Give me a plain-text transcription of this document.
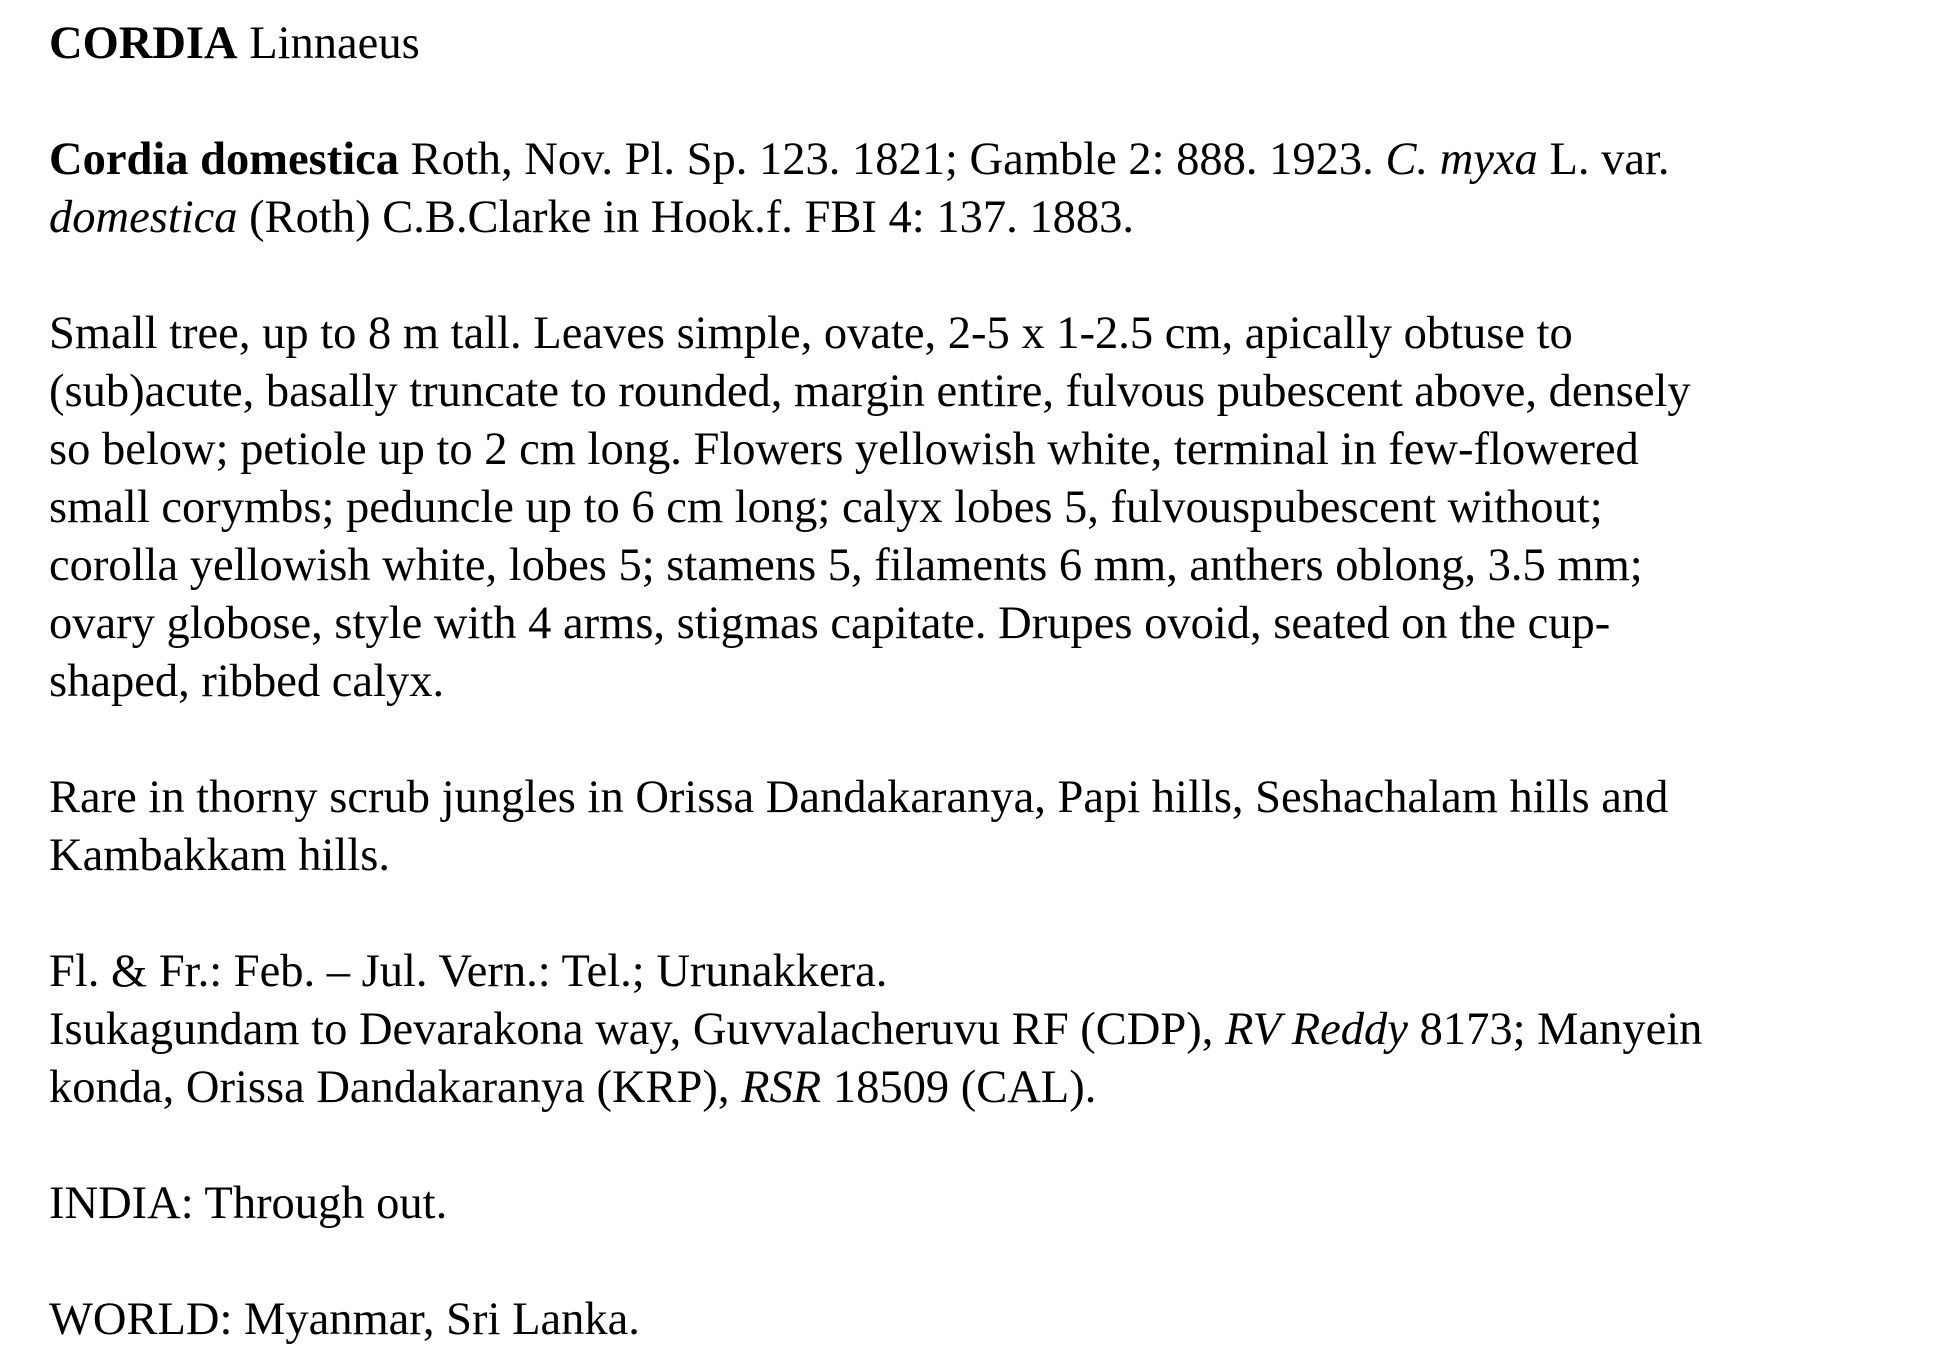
CORDIA Linnaeus

Cordia domestica Roth, Nov. Pl. Sp. 123. 1821; Gamble 2: 888. 1923. C. myxa L. var.
domestica (Roth) C.B.Clarke in Hook.f. FBI 4: 137. 1883.

Small tree, up to 8 m tall. Leaves simple, ovate, 2-5 x 1-2.5 cm, apically obtuse to
(sub)acute, basally truncate to rounded, margin entire, fulvous pubescent above, densely
so below; petiole up to 2 cm long. Flowers yellowish white, terminal in few-flowered
small corymbs; peduncle up to 6 cm long; calyx lobes 5, fulvouspubescent without;
corolla yellowish white, lobes 5; stamens 5, filaments 6 mm, anthers oblong, 3.5 mm;
ovary globose, style with 4 arms, stigmas capitate. Drupes ovoid, seated on the cup-
shaped, ribbed calyx.

Rare in thorny scrub jungles in Orissa Dandakaranya, Papi hills, Seshachalam hills and
Kambakkam hills.

Fl. & Fr.: Feb. – Jul. Vern.: Tel.; Urunakkera.
Isukagundam to Devarakona way, Guvvalacheruvu RF (CDP), RV Reddy 8173; Manyein
konda, Orissa Dandakaranya (KRP), RSR 18509 (CAL).

INDIA: Through out.

WORLD: Myanmar, Sri Lanka.
